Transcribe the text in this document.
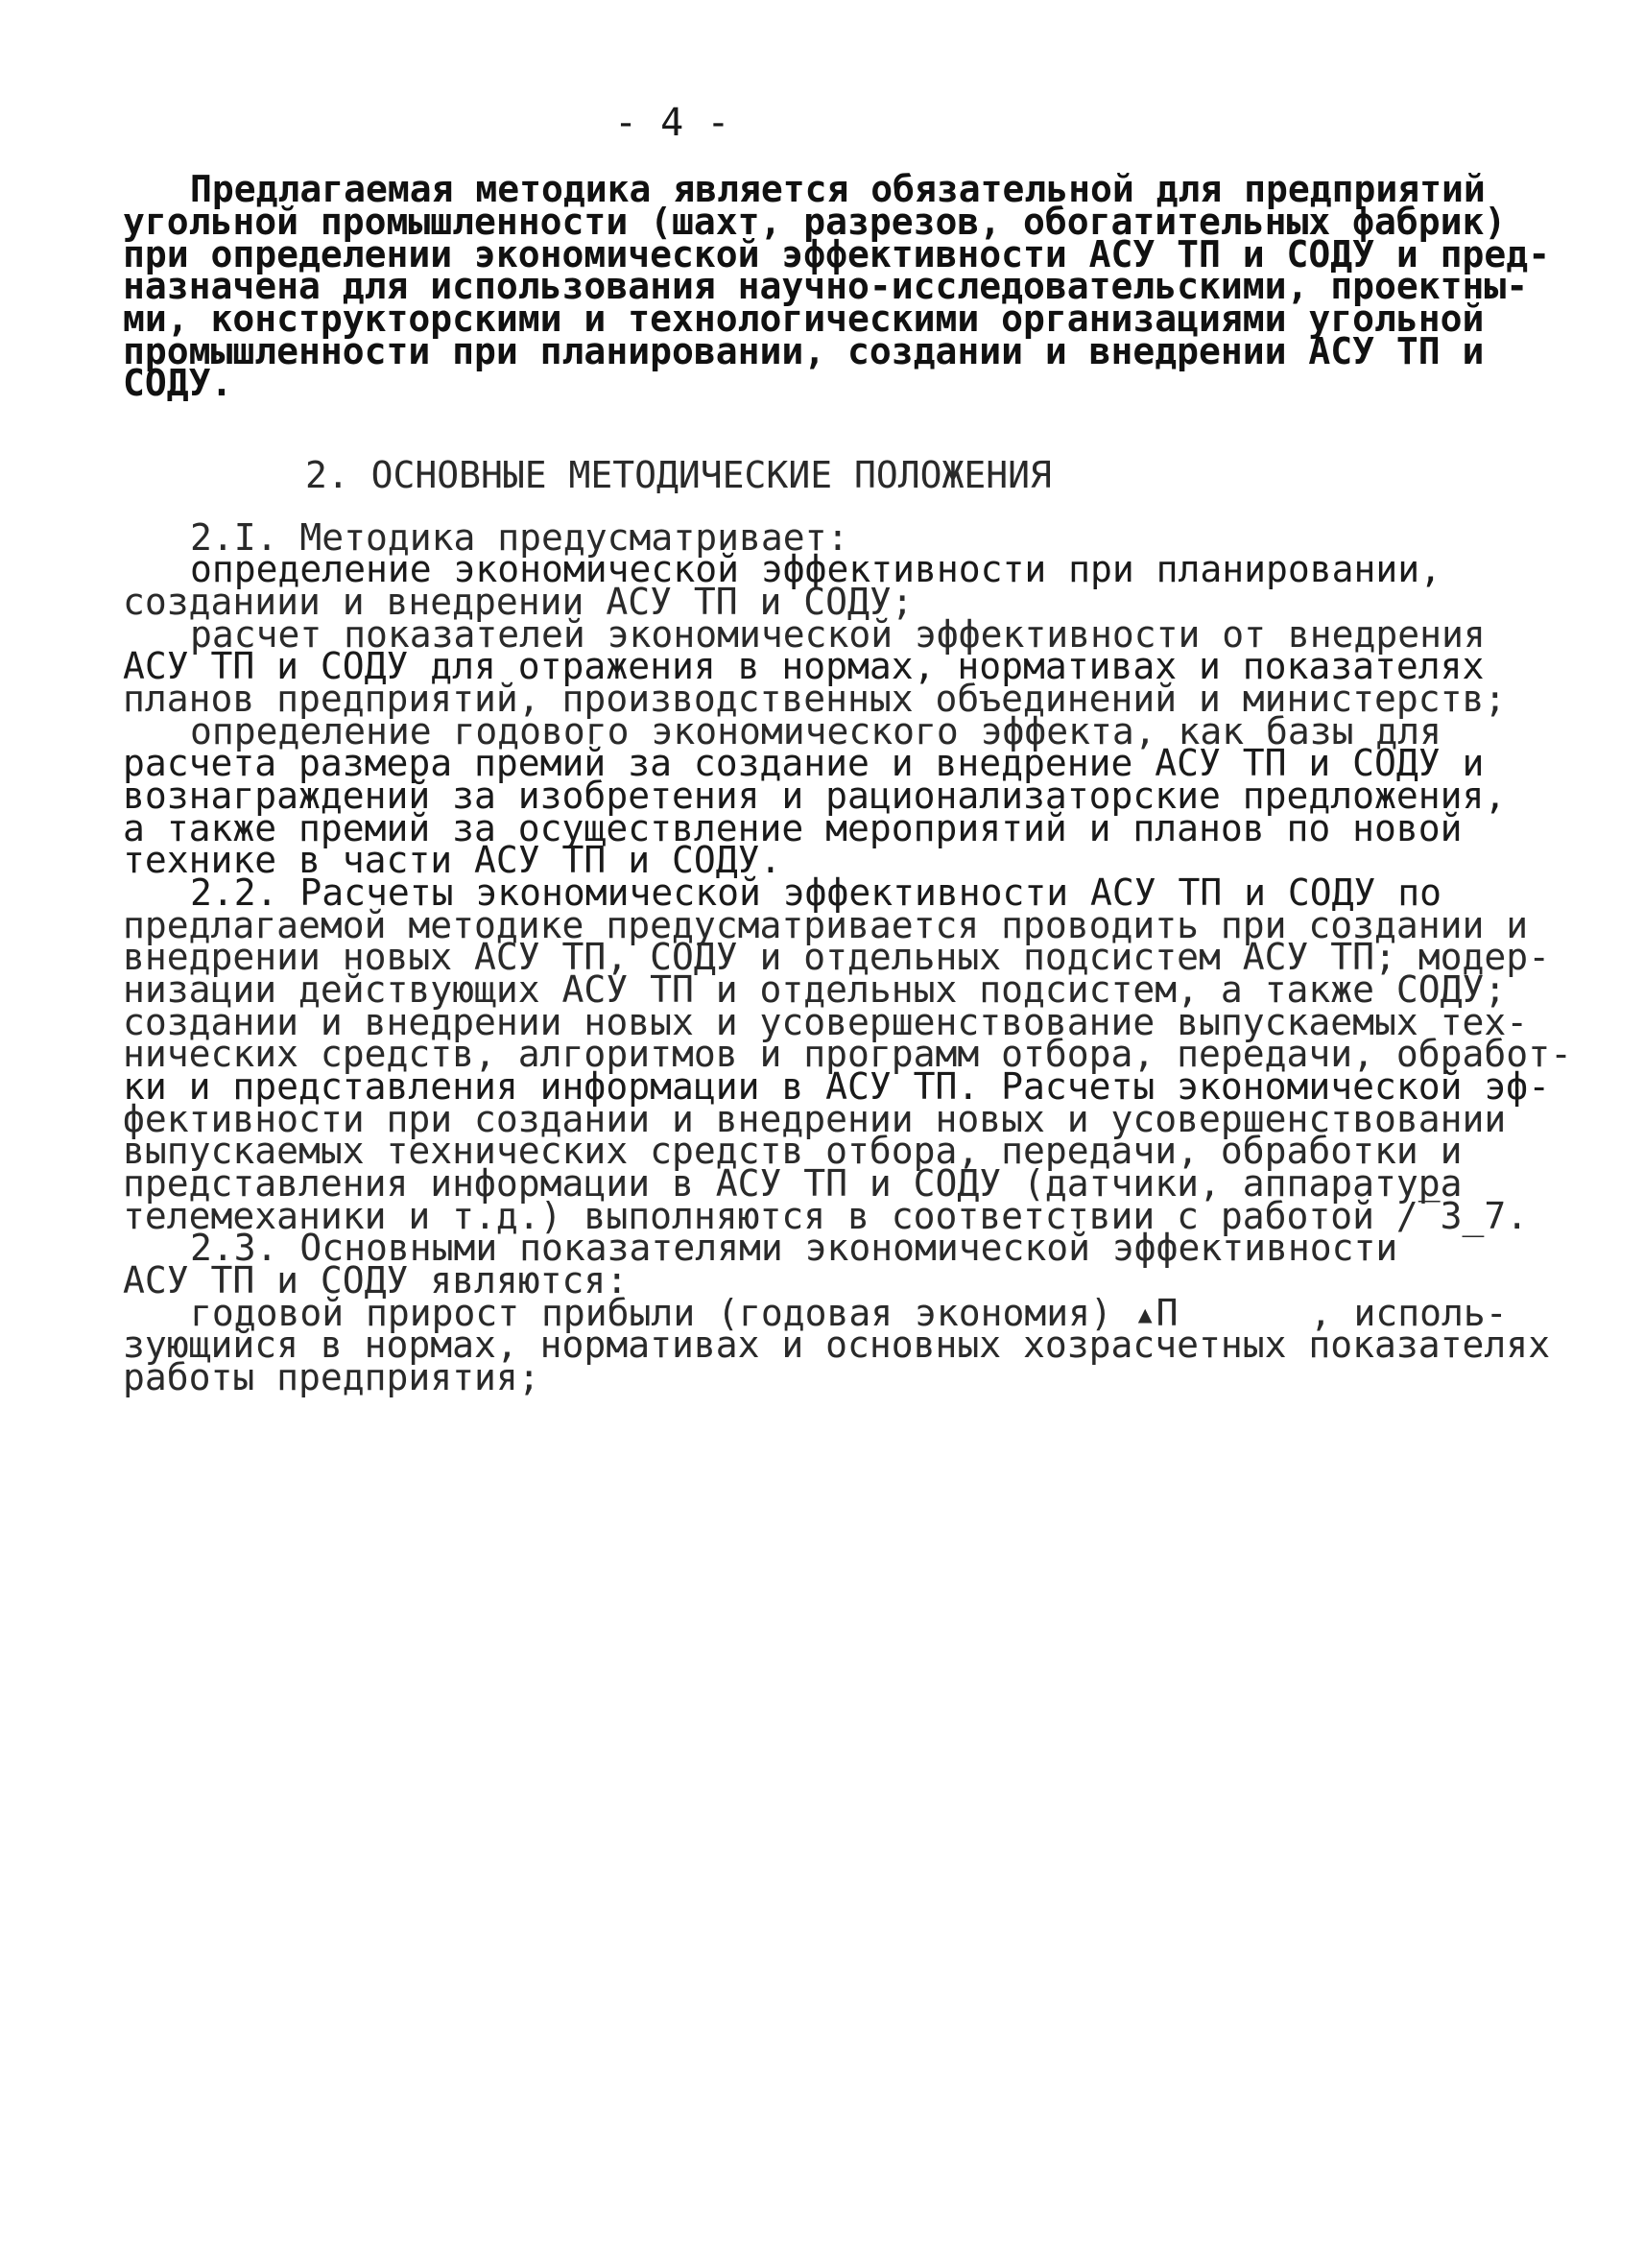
- 4 -
Предлагаемая методика является обязательной для предприятий
угольной промышленности (шахт, разрезов, обогатительных фабрик)
при определении экономической эффективности АСУ ТП и СОДУ и пред-
назначена для использования научно-исследовательскими, проектны-
ми, конструкторскими и технологическими организациями угольной
промышленности при планировании, создании и внедрении АСУ ТП и
СОДУ.
2. ОСНОВНЫЕ МЕТОДИЧЕСКИЕ ПОЛОЖЕНИЯ
2.I. Методика предусматривает:
определение экономической эффективности при планировании,
созданиии и внедрении АСУ ТП и СОДУ;
расчет показателей экономической эффективности от внедрения
АСУ ТП и СОДУ для отражения в нормах, нормативах и показателях
планов предприятий, производственных объединений и министерств;
определение годового экономического эффекта, как базы для
расчета размера премий за создание и внедрение АСУ ТП и СОДУ и
вознаграждений за изобретения и рационализаторские предложения,
а также премий за осуществление мероприятий и планов по новой
технике в части АСУ ТП и СОДУ.
2.2. Расчеты экономической эффективности АСУ ТП и СОДУ по
предлагаемой методике предусматривается проводить при создании и
внедрении новых АСУ ТП, СОДУ и отдельных подсистем АСУ ТП; модер-
низации действующих АСУ ТП и отдельных подсистем, а также СОДУ;
создании и внедрении новых и усовершенствование выпускаемых тех-
нических средств, алгоритмов и программ отбора, передачи, обработ-
ки и представления информации в АСУ ТП. Расчеты экономической эф-
фективности при создании и внедрении новых и усовершенствовании
выпускаемых технических средств отбора, передачи, обработки и
представления информации в АСУ ТП и СОДУ (датчики, аппаратура
телемеханики и т.д.) выполняются в соответствии с работой /‾3_7.
2.3. Основными показателями экономической эффективности
АСУ ТП и СОДУ являются:
годовой прирост прибыли (годовая экономия) ▴П      , исполь-
зующийся в нормах, нормативах и основных хозрасчетных показателях
работы предприятия;
